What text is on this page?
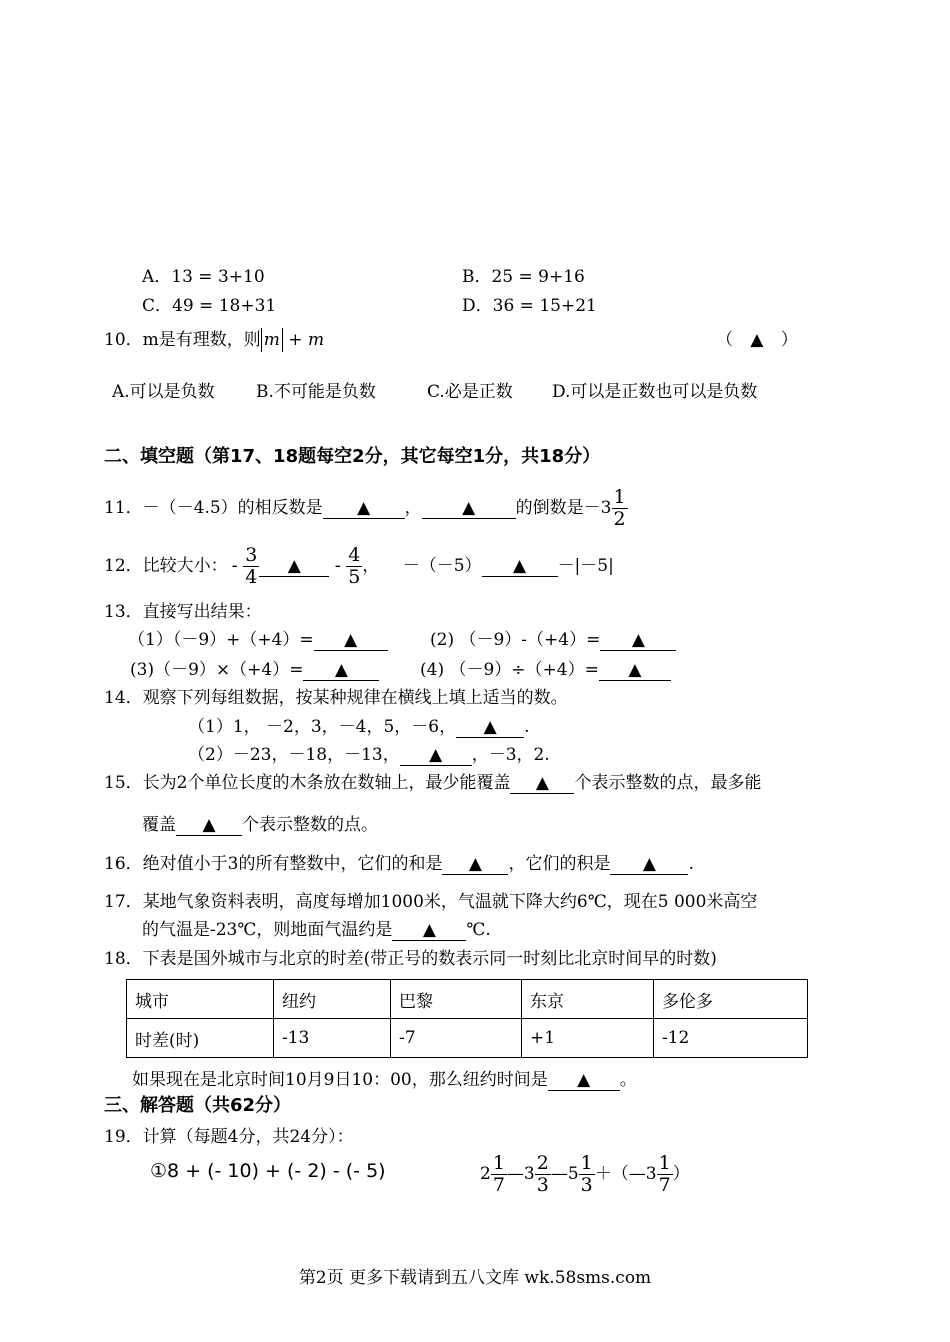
A．13 = 3+10	B．25 = 9+16
C．49 = 18+31	D．36 = 15+21
10．m是有理数，则 m + m	（ ▲ ）
A.可以是负数 B.不可能是负数	C.必是正数 D.可以是正数也可以是负数
二、填空题（第17、18题每空2分，其它每空1分，共18分）
11．－（－4.5）的相反数是 ▲ ， ▲ 的倒数是$-3 \frac{1}{2}$
12．比较大小： - $\frac{3}{4}$ ▲ - $\frac{4}{5}$ ， －（－5） ▲ －|－5|
13．直接写出结果：
（1）（－9）+（+4）= ▲	(2) （－9）-（+4）= ▲
(3)（－9）×（+4）= ▲	(4) （－9）÷（+4）= ▲
14．观察下列每组数据，按某种规律在横线上填上适当的数。
（1）1， －2，3，－4，5，－6， ▲ .
（2）－23，－18，－13， ▲ ，－3，2.
15．长为2个单位长度的木条放在数轴上，最少能覆盖 ▲ 个表示整数的点，最多能
覆盖 ▲ 个表示整数的点。
16．绝对值小于3的所有整数中，它们的和是 ▲ ，它们的积是 ▲ .
17．某地气象资料表明，高度每增加1000米，气温就下降大约6℃，现在5 000米高空
的气温是-23℃，则地面气温约是 ▲ ℃.
18．下表是国外城市与北京的时差(带正号的数表示同一时刻比北京时间早的时数)
城市	纽约	巴黎	东京	多伦多
时差(时)	-13	-7	+1	-12
如果现在是北京时间10月9日10：00，那么纽约时间是 ▲ 。
三、解答题（共62分）
19．计算（每题4分，共24分）：
①8 + (- 10) + (- 2) - (- 5)	$2 \frac{1}{7}$ —3 $\frac{2}{3}$ —5 $\frac{1}{3}$ ＋（—3 $\frac{1}{7}$ ）
第2页 更多下载请到五八文库 wk.58sms.com
